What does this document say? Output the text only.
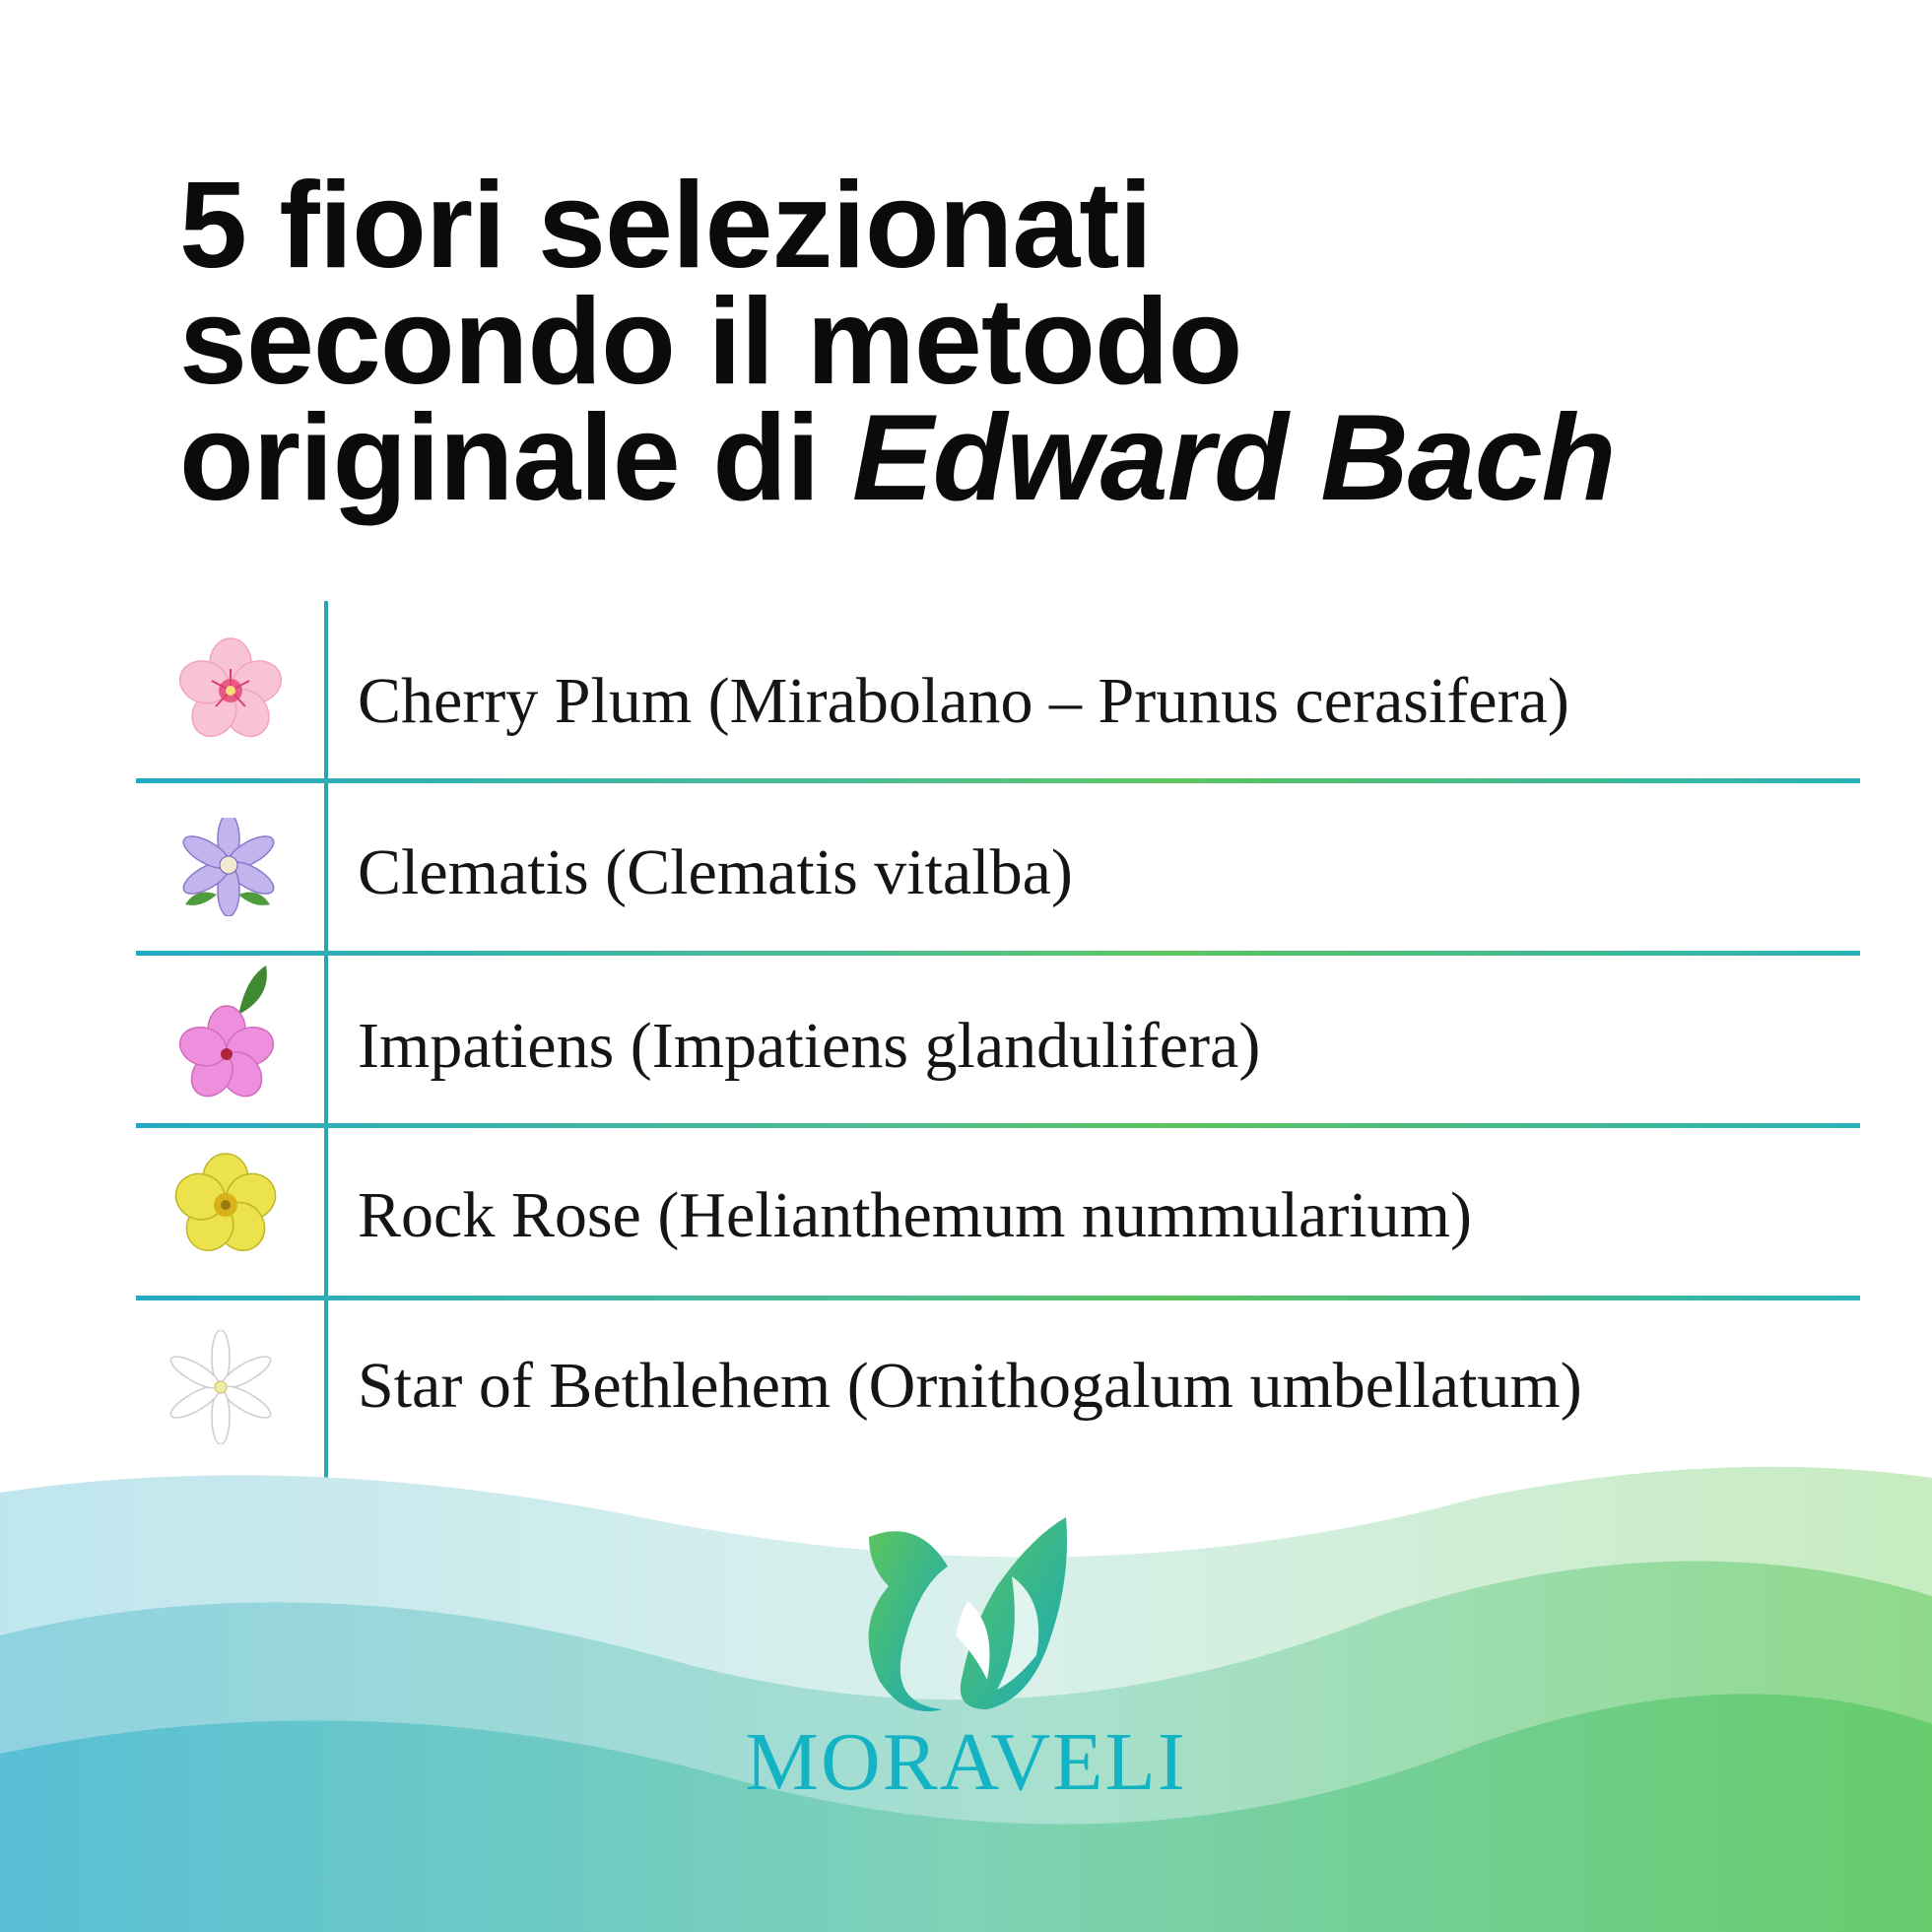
5 fiori selezionati
secondo il metodo
originale di Edward Bach
Cherry Plum (Mirabolano – Prunus cerasifera)
Clematis (Clematis vitalba)
Impatiens (Impatiens glandulifera)
Rock Rose (Helianthemum nummularium)
Star of Bethlehem (Ornithogalum umbellatum)
MORAVELI
